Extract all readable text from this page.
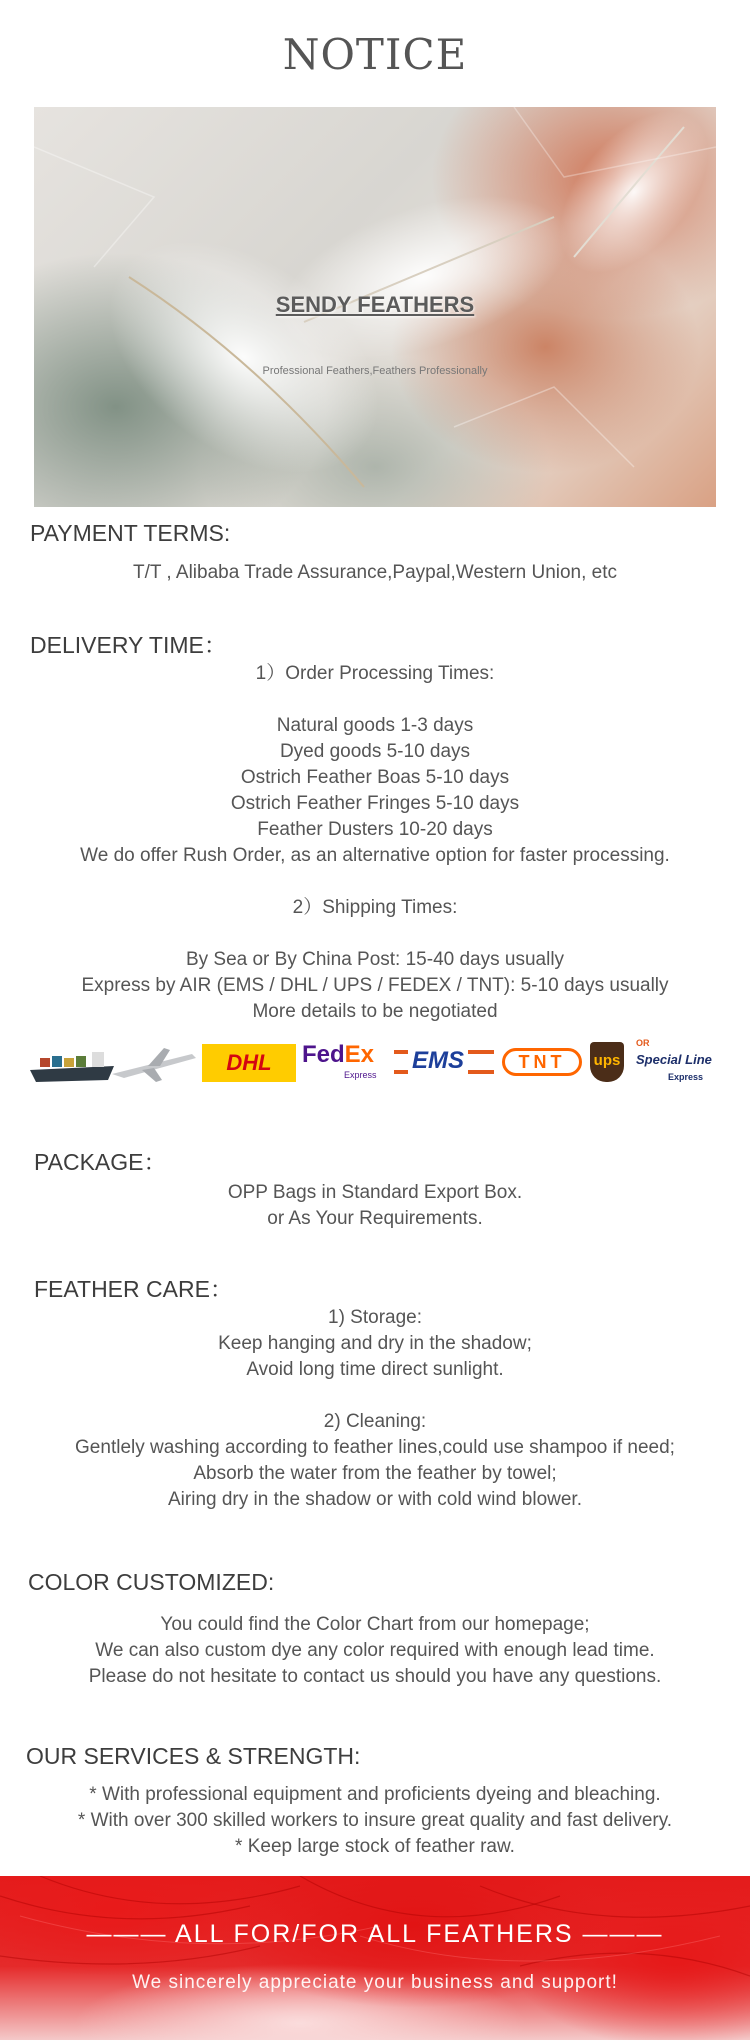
NOTICE
SENDY FEATHERS
Professional Feathers,Feathers Professionally
PAYMENT TERMS:
T/T , Alibaba Trade Assurance,Paypal,Western Union, etc
DELIVERY TIME：
1）Order Processing Times:
Natural goods 1-3 days
Dyed goods 5-10 days
Ostrich Feather Boas 5-10 days
Ostrich Feather Fringes 5-10 days
Feather Dusters 10-20 days
We do offer Rush Order, as an alternative option for faster processing.
2）Shipping Times:
By Sea or By China Post: 15-40 days usually
Express by AIR (EMS / DHL / UPS / FEDEX / TNT): 5-10 days usually
More details to be negotiated
DHL	FedEx
Express
EMS	TNT	ups
OR
Special Line
Express
PACKAGE：
OPP Bags in Standard Export Box.
or As Your Requirements.
FEATHER CARE：
1) Storage:
Keep hanging and dry in the shadow;
Avoid long time direct sunlight.
2) Cleaning:
Gentlely washing according to feather lines,could use shampoo if need;
Absorb the water from the feather by towel;
Airing dry in the shadow or with cold wind blower.
COLOR CUSTOMIZED:
You could find the Color Chart from our homepage;
We can also custom dye any color required with enough lead time.
Please do not hesitate to contact us should you have any questions.
OUR SERVICES & STRENGTH:
* With professional equipment and proficients dyeing and bleaching.
* With over 300 skilled workers to insure great quality and fast delivery.
* Keep large stock of feather raw.
——— ALL FOR/FOR ALL FEATHERS ———
We sincerely appreciate your business and support!
